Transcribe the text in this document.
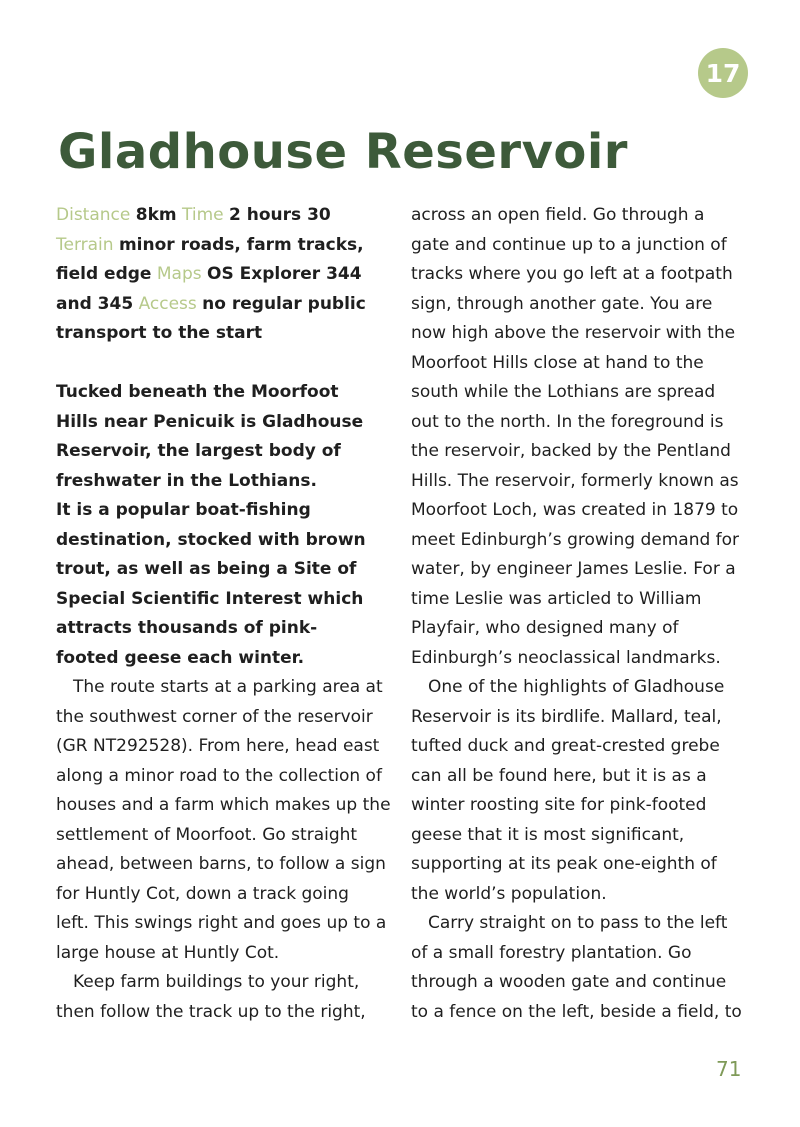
17
Gladhouse Reservoir
Distance 8km Time 2 hours 30
Terrain minor roads, farm tracks,
field edge Maps OS Explorer 344
and 345 Access no regular public
transport to the start
Tucked beneath the Moorfoot
Hills near Penicuik is Gladhouse
Reservoir, the largest body of
freshwater in the Lothians.
It is a popular boat-fishing
destination, stocked with brown
trout, as well as being a Site of
Special Scientific Interest which
attracts thousands of pink-
footed geese each winter.
The route starts at a parking area at
the southwest corner of the reservoir
(GR NT292528). From here, head east
along a minor road to the collection of
houses and a farm which makes up the
settlement of Moorfoot. Go straight
ahead, between barns, to follow a sign
for Huntly Cot, down a track going
left. This swings right and goes up to a
large house at Huntly Cot.
Keep farm buildings to your right,
then follow the track up to the right,
across an open field. Go through a
gate and continue up to a junction of
tracks where you go left at a footpath
sign, through another gate. You are
now high above the reservoir with the
Moorfoot Hills close at hand to the
south while the Lothians are spread
out to the north. In the foreground is
the reservoir, backed by the Pentland
Hills. The reservoir, formerly known as
Moorfoot Loch, was created in 1879 to
meet Edinburgh’s growing demand for
water, by engineer James Leslie. For a
time Leslie was articled to William
Playfair, who designed many of
Edinburgh’s neoclassical landmarks.
One of the highlights of Gladhouse
Reservoir is its birdlife. Mallard, teal,
tufted duck and great-crested grebe
can all be found here, but it is as a
winter roosting site for pink-footed
geese that it is most significant,
supporting at its peak one-eighth of
the world’s population.
Carry straight on to pass to the left
of a small forestry plantation. Go
through a wooden gate and continue
to a fence on the left, beside a field, to
71
